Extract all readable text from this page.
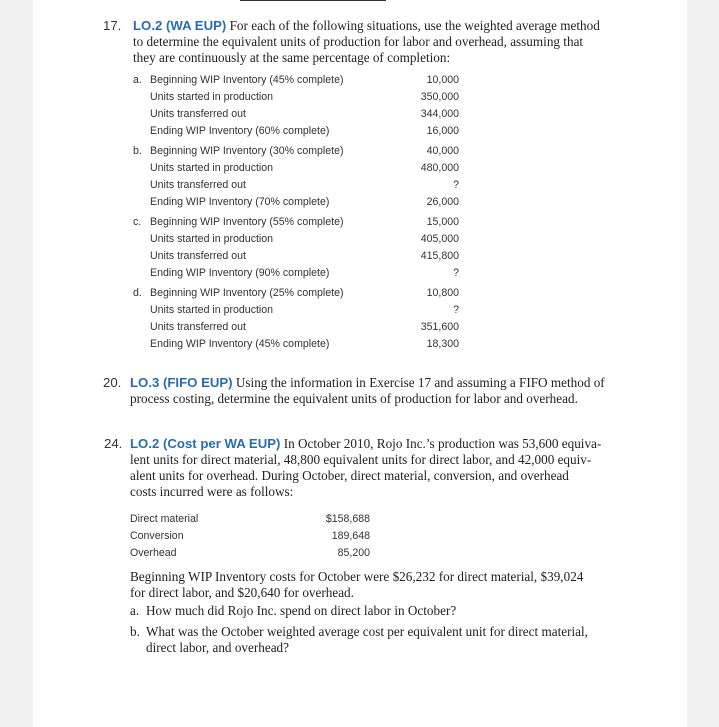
17. LO.2 (WA EUP) For each of the following situations, use the weighted average method
to determine the equivalent units of production for labor and overhead, assuming that
they are continuously at the same percentage of completion:
a. Beginning WIP Inventory (45% complete)	10,000
Units started in production	350,000
Units transferred out	344,000
Ending WIP Inventory (60% complete)	16,000
b. Beginning WIP Inventory (30% complete)	40,000
Units started in production	480,000
Units transferred out	?
Ending WIP Inventory (70% complete)	26,000
c. Beginning WIP Inventory (55% complete)	15,000
Units started in production	405,000
Units transferred out	415,800
Ending WIP Inventory (90% complete)	?
d. Beginning WIP Inventory (25% complete)	10,800
Units started in production	?
Units transferred out	351,600
Ending WIP Inventory (45% complete)	18,300
20. LO.3 (FIFO EUP) Using the information in Exercise 17 and assuming a FIFO method of
process costing, determine the equivalent units of production for labor and overhead.
24. LO.2 (Cost per WA EUP) In October 2010, Rojo Inc.’s production was 53,600 equiva-
lent units for direct material, 48,800 equivalent units for direct labor, and 42,000 equiv-
alent units for overhead. During October, direct material, conversion, and overhead
costs incurred were as follows:
Direct material	$158,688
Conversion	189,648
Overhead	85,200
Beginning WIP Inventory costs for October were $26,232 for direct material, $39,024
for direct labor, and $20,640 for overhead.
a. How much did Rojo Inc. spend on direct labor in October?
b. What was the October weighted average cost per equivalent unit for direct material,
direct labor, and overhead?
